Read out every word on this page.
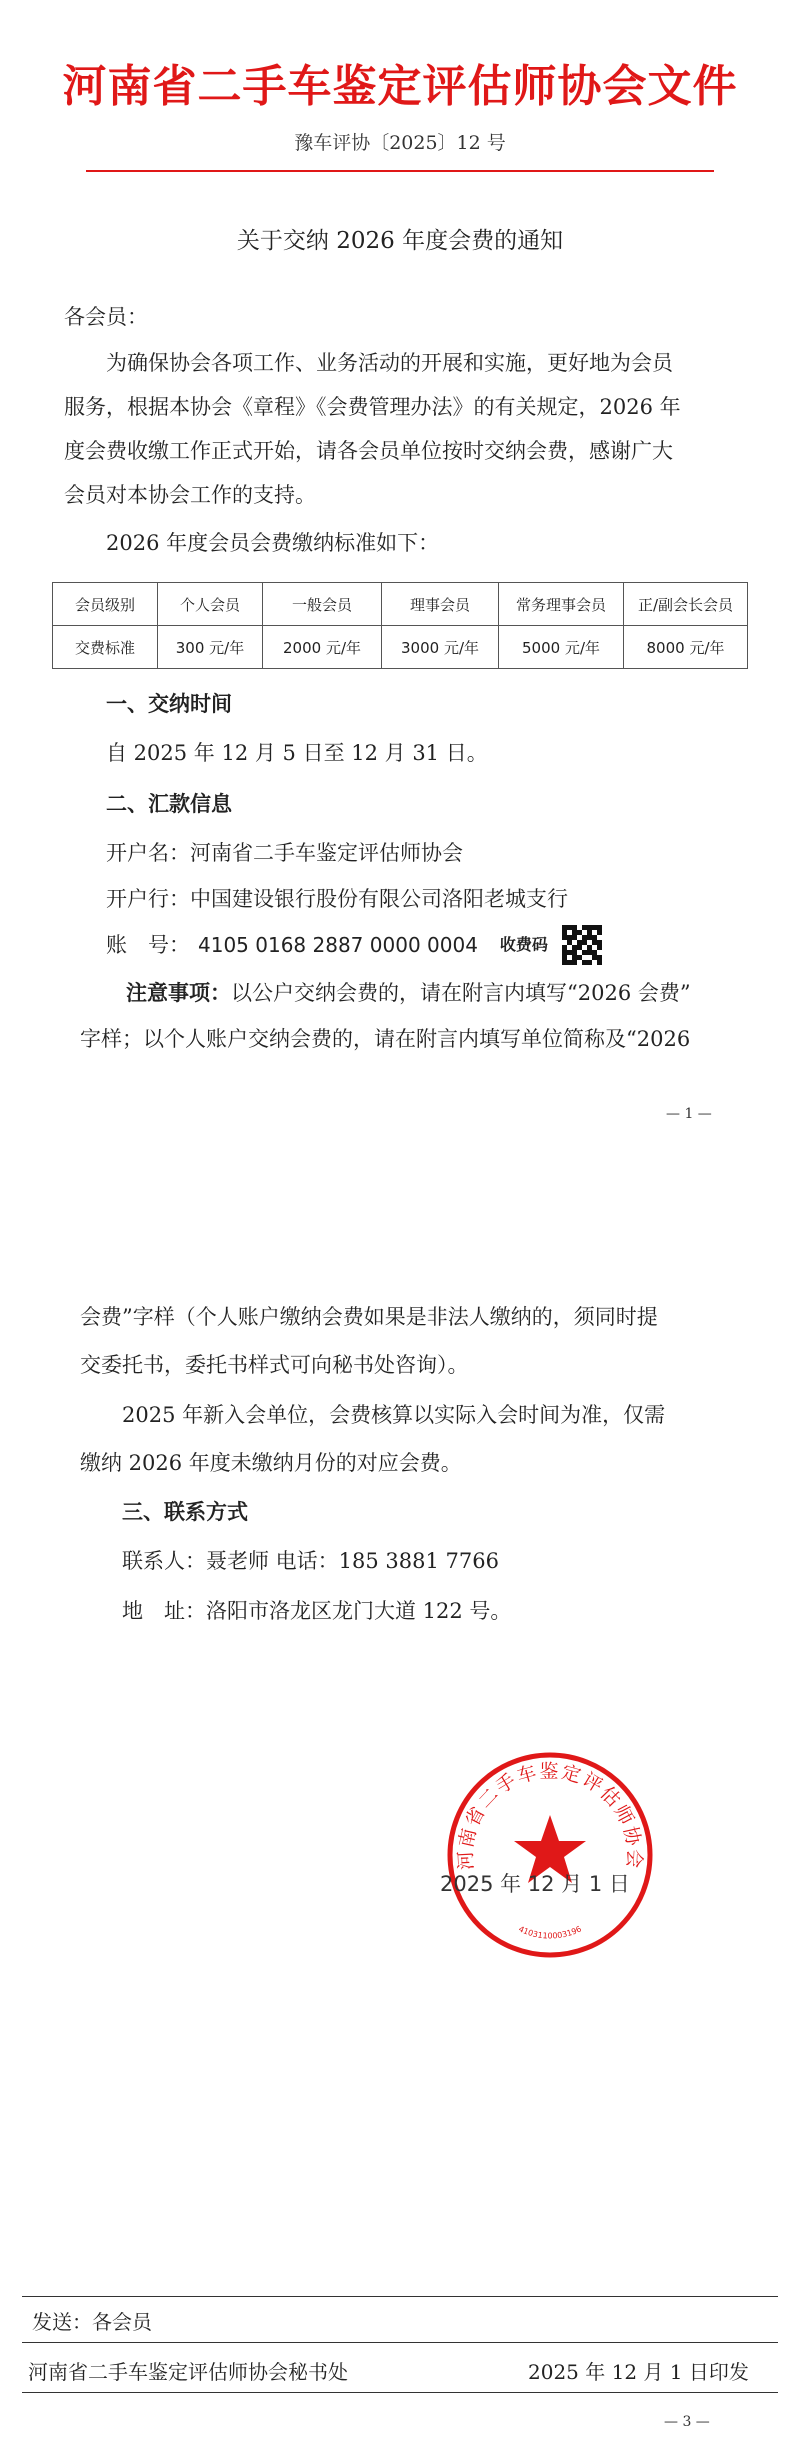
河南省二手车鉴定评估师协会文件
豫车评协〔2025〕12 号
关于交纳 2026 年度会费的通知
各会员：
为确保协会各项工作、业务活动的开展和实施，更好地为会员
服务，根据本协会《章程》《会费管理办法》的有关规定，2026 年
度会费收缴工作正式开始，请各会员单位按时交纳会费，感谢广大
会员对本协会工作的支持。
2026 年度会员会费缴纳标准如下：
会员级别	个人会员	一般会员	理事会员	常务理事会员	正/副会长会员
交费标准	300 元/年	2000 元/年	3000 元/年	5000 元/年	8000 元/年
一、交纳时间
自 2025 年 12 月 5 日至 12 月 31 日。
二、汇款信息
开户名：河南省二手车鉴定评估师协会
开户行：中国建设银行股份有限公司洛阳老城支行
账　号： 4105 0168 2887 0000 0004 收费码
注意事项：以公户交纳会费的，请在附言内填写“2026 会费”
字样；以个人账户交纳会费的，请在附言内填写单位简称及“2026
— 1 —
会费”字样（个人账户缴纳会费如果是非法人缴纳的，须同时提
交委托书，委托书样式可向秘书处咨询）。
2025 年新入会单位，会费核算以实际入会时间为准，仅需
缴纳 2026 年度未缴纳月份的对应会费。
三、联系方式
联系人：聂老师 电话：185 3881 7766
地　址：洛阳市洛龙区龙门大道 122 号。
河南省二手车鉴定评估师协会
4103110003196
2025 年 12 月 1 日
发送：各会员
河南省二手车鉴定评估师协会秘书处	2025 年 12 月 1 日印发
— 3 —
